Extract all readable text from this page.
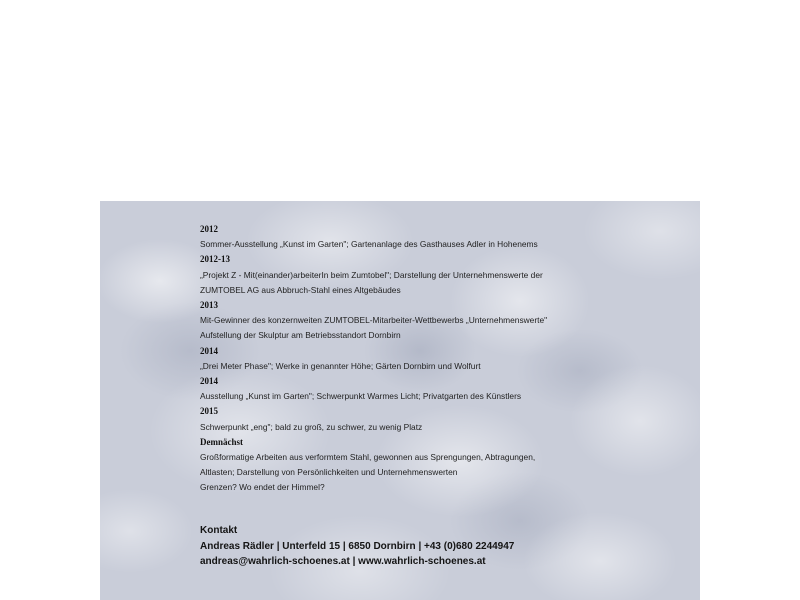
2012
Sommer-Ausstellung „Kunst im Garten"; Gartenanlage des Gasthauses Adler in Hohenems
2012-13
„Projekt Z - Mit(einander)arbeiterIn beim Zumtobel"; Darstellung der Unternehmenswerte der
ZUMTOBEL AG aus Abbruch-Stahl eines Altgebäudes
2013
Mit-Gewinner des konzernweiten ZUMTOBEL-Mitarbeiter-Wettbewerbs „Unternehmenswerte"
Aufstellung der Skulptur am Betriebsstandort Dornbirn
2014
„Drei Meter Phase"; Werke in genannter Höhe; Gärten Dornbirn und Wolfurt
2014
Ausstellung „Kunst im Garten"; Schwerpunkt Warmes Licht; Privatgarten des Künstlers
2015
Schwerpunkt „eng"; bald zu groß, zu schwer, zu wenig Platz
Demnächst
Großformatige Arbeiten aus verformtem Stahl, gewonnen aus Sprengungen, Abtragungen,
Altlasten; Darstellung von Persönlichkeiten und Unternehmenswerten
Grenzen? Wo endet der Himmel?
Kontakt
Andreas Rädler | Unterfeld 15 | 6850 Dornbirn | +43 (0)680 2244947
andreas@wahrlich-schoenes.at | www.wahrlich-schoenes.at
